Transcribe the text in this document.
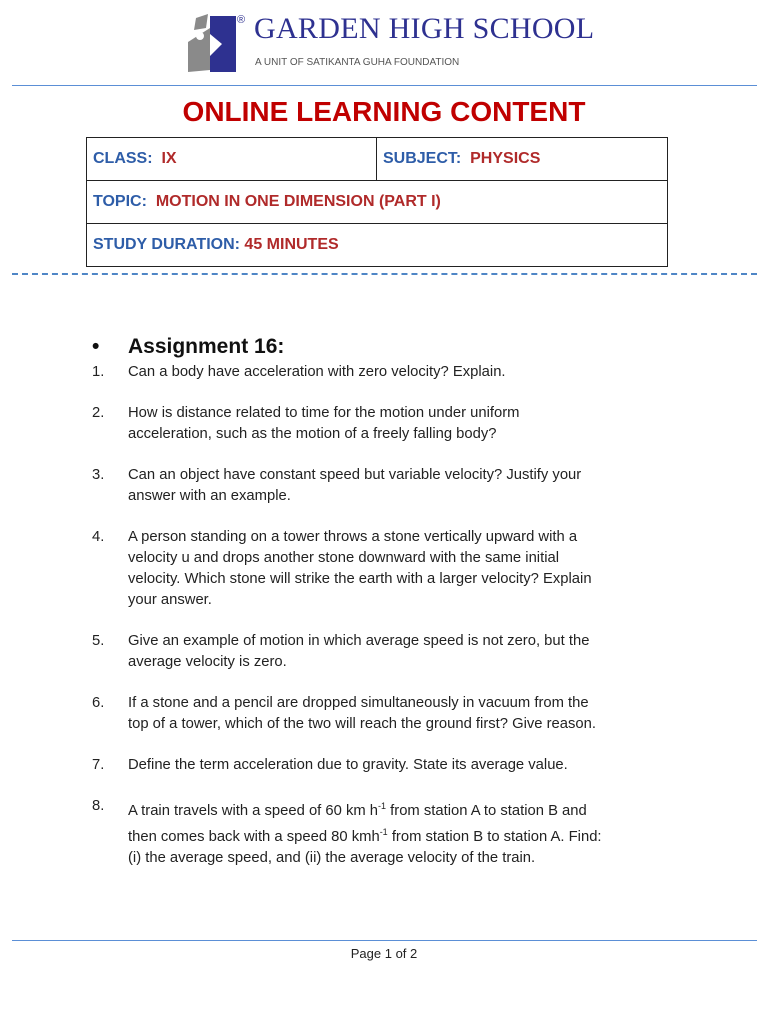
® GARDEN HIGH SCHOOL
A UNIT OF SATIKANTA GUHA FOUNDATION
ONLINE LEARNING CONTENT
CLASS: IX	SUBJECT: PHYSICS
TOPIC: MOTION IN ONE DIMENSION (PART I)
STUDY DURATION: 45 MINUTES
• Assignment 16:
1. Can a body have acceleration with zero velocity? Explain.
2. How is distance related to time for the motion under uniform
acceleration, such as the motion of a freely falling body?
3. Can an object have constant speed but variable velocity? Justify your
answer with an example.
4. A person standing on a tower throws a stone vertically upward with a
velocity u and drops another stone downward with the same initial
velocity. Which stone will strike the earth with a larger velocity? Explain
your answer.
5. Give an example of motion in which average speed is not zero, but the
average velocity is zero.
6. If a stone and a pencil are dropped simultaneously in vacuum from the
top of a tower, which of the two will reach the ground first? Give reason.
7. Define the term acceleration due to gravity. State its average value.
8. A train travels with a speed of 60 km $h^{-1}$ from station A to station B and
then comes back with a speed 80 kmh$^{-1}$ from station B to station A. Find:
(i) the average speed, and (ii) the average velocity of the train.
Page 1 of 2
